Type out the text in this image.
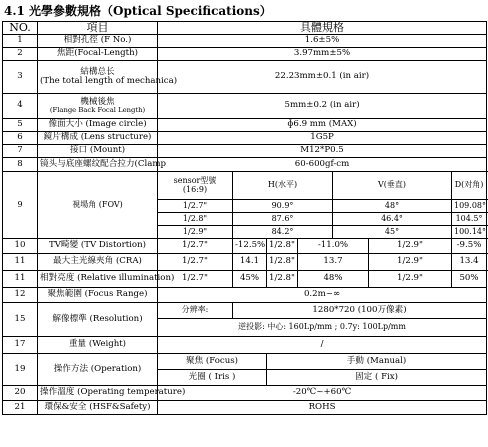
4.1 光學參數規格（Optical Specifications）
NO.	項目	具體規格						
1	相對孔徑 (F No.)	1.6±5%						
2	焦距(Focal-Length)	3.97mm±5%						
3	結構总长
(The total length of mechanica)	22.23mm±0.1 (in air)						
4	機械後焦
(Flange Back Focal Length)	5mm±0.2 (in air)						
5	像面大小 (Image circle)	ɸ6.9 mm (MAX)						
6	鏡片構成 (Lens structure)	1G5P						
7	接口 (Mount)	M12*P0.5						
8	镜头与底座螺纹配合拉力(Clamp	60-600gf-cm						
9	視場角 (FOV)	sensor型號
(16:9)	H(水平)			V(垂直)		D(对角)
		1/2.7"	90.9°			48°		109.08°
		1/2.8"	87.6°			46.4°		104.5°
		1/2.9"	84.2°			45°		100.14°
10	TV畸變 (TV Distortion)	1/2.7"	-12.5%	1/2.8"	-11.0%		1/2.9"	-9.5%
11	最大主光線夾角 (CRA)	1/2.7"	14.1	1/2.8"	13.7		1/2.9"	13.4
11	相對亮度 (Relative illumination)	1/2.7"	45%	1/2.8"	48%		1/2.9"	50%
12	聚焦範圍 (Focus Range)	0.2m~∞						
15	解像標準 (Resolution)	分辨率:	1280*720 (100万像素)					
		逆投影: 中心: 160Lp/mm ; 0.7y: 100Lp/mm						
17	重量 (Weight)	/						
19	操作方法 (Operation)	聚焦 (Focus)		手動 (Manual)				
		光圈 ( Iris )		固定 ( Fix)				
20	操作溫度 (Operating temperature)	-20℃~+60℃						
21	環保&安全 (HSF&Safety)	ROHS						
